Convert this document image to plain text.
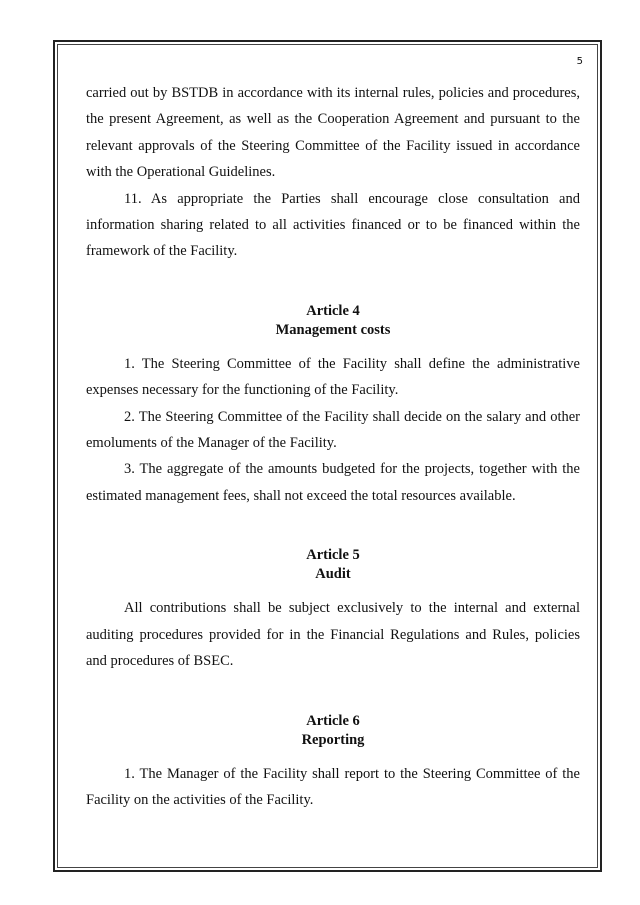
5

carried out by BSTDB in accordance with its internal rules, policies and procedures, the present Agreement, as well as the Cooperation Agreement and pursuant to the relevant approvals of the Steering Committee of the Facility issued in accordance with the Operational Guidelines.

11. As appropriate the Parties shall encourage close consultation and information sharing related to all activities financed or to be financed within the framework of the Facility.

Article 4

Management costs

1. The Steering Committee of the Facility shall define the administrative expenses necessary for the functioning of the Facility.

2. The Steering Committee of the Facility shall decide on the salary and other emoluments of the Manager of the Facility.

3. The aggregate of the amounts budgeted for the projects, together with the estimated management fees, shall not exceed the total resources available.

Article 5

Audit

All contributions shall be subject exclusively to the internal and external auditing procedures provided for in the Financial Regulations and Rules, policies and procedures of BSEC.

Article 6

Reporting

1. The Manager of the Facility shall report to the Steering Committee of the Facility on the activities of the Facility.
